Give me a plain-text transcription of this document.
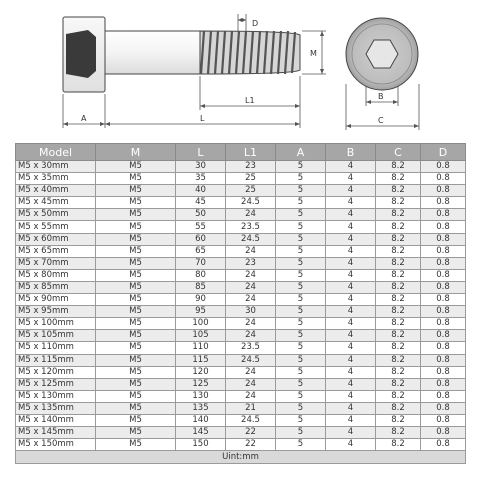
A	L
L1
M
D
B
C
Model	M	L	L1	A	B	C	D
M5 x 30mm	M5	30	23	5	4	8.2	0.8
M5 x 35mm	M5	35	25	5	4	8.2	0.8
M5 x 40mm	M5	40	25	5	4	8.2	0.8
M5 x 45mm	M5	45	24.5	5	4	8.2	0.8
M5 x 50mm	M5	50	24	5	4	8.2	0.8
M5 x 55mm	M5	55	23.5	5	4	8.2	0.8
M5 x 60mm	M5	60	24.5	5	4	8.2	0.8
M5 x 65mm	M5	65	24	5	4	8.2	0.8
M5 x 70mm	M5	70	23	5	4	8.2	0.8
M5 x 80mm	M5	80	24	5	4	8.2	0.8
M5 x 85mm	M5	85	24	5	4	8.2	0.8
M5 x 90mm	M5	90	24	5	4	8.2	0.8
M5 x 95mm	M5	95	30	5	4	8.2	0.8
M5 x 100mm	M5	100	24	5	4	8.2	0.8
M5 x 105mm	M5	105	24	5	4	8.2	0.8
M5 x 110mm	M5	110	23.5	5	4	8.2	0.8
M5 x 115mm	M5	115	24.5	5	4	8.2	0.8
M5 x 120mm	M5	120	24	5	4	8.2	0.8
M5 x 125mm	M5	125	24	5	4	8.2	0.8
M5 x 130mm	M5	130	24	5	4	8.2	0.8
M5 x 135mm	M5	135	21	5	4	8.2	0.8
M5 x 140mm	M5	140	24.5	5	4	8.2	0.8
M5 x 145mm	M5	145	22	5	4	8.2	0.8
M5 x 150mm	M5	150	22	5	4	8.2	0.8
Uint:mm							
